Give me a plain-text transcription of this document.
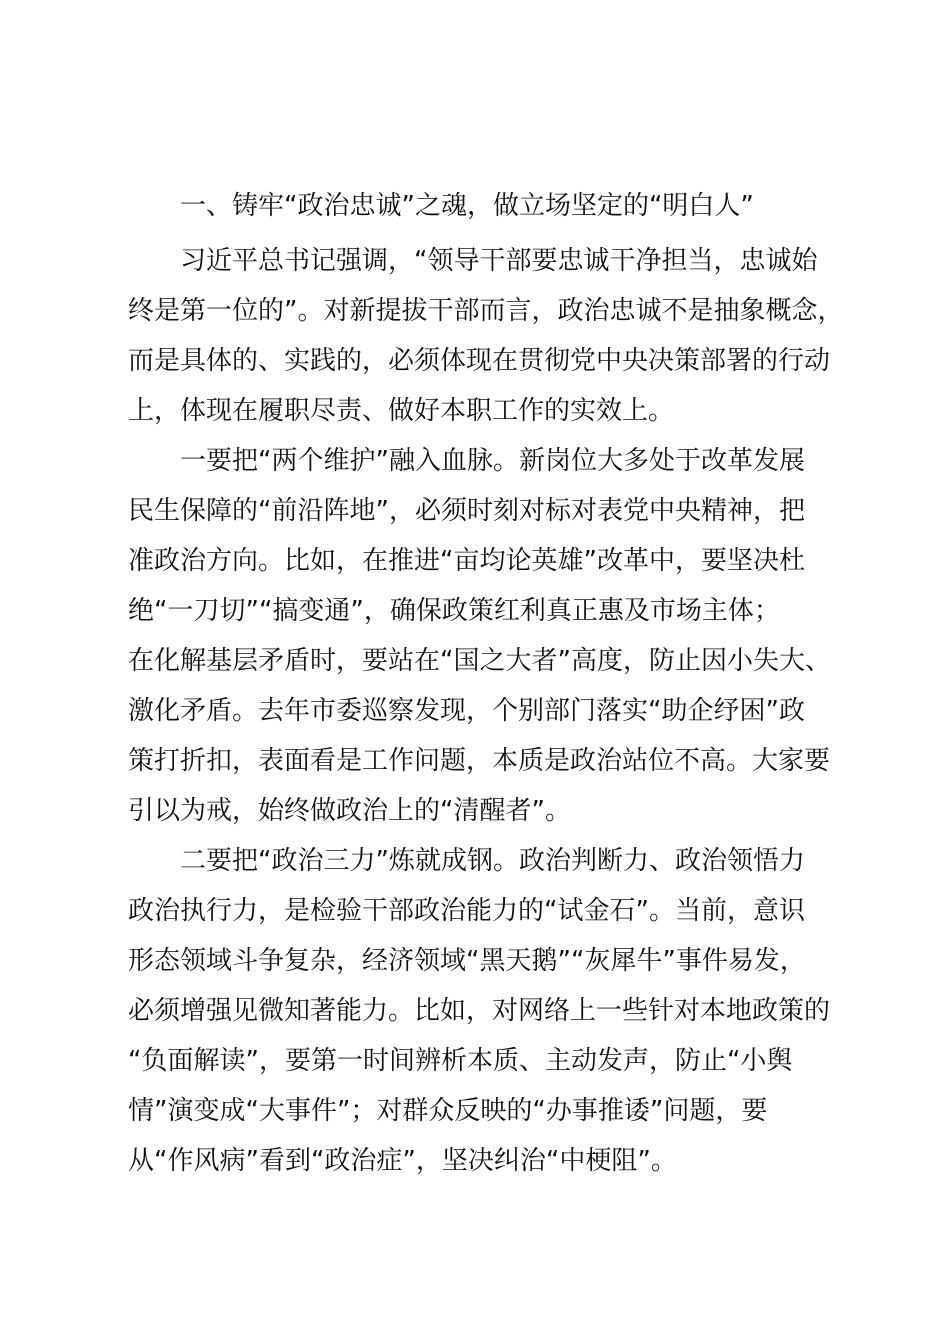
一、铸牢“政治忠诚”之魂，做立场坚定的“明白人”
习近平总书记强调，“领导干部要忠诚干净担当，忠诚始
终是第一位的”。对新提拔干部而言，政治忠诚不是抽象概念，
而是具体的、实践的，必须体现在贯彻党中央决策部署的行动
上，体现在履职尽责、做好本职工作的实效上。
一要把“两个维护”融入血脉。新岗位大多处于改革发展
民生保障的“前沿阵地”，必须时刻对标对表党中央精神，把
准政治方向。比如，在推进“亩均论英雄”改革中，要坚决杜
绝“一刀切”“搞变通”，确保政策红利真正惠及市场主体；
在化解基层矛盾时，要站在“国之大者”高度，防止因小失大、
激化矛盾。去年市委巡察发现，个别部门落实“助企纾困”政
策打折扣，表面看是工作问题，本质是政治站位不高。大家要
引以为戒，始终做政治上的“清醒者”。
二要把“政治三力”炼就成钢。政治判断力、政治领悟力
政治执行力，是检验干部政治能力的“试金石”。当前，意识
形态领域斗争复杂，经济领域“黑天鹅”“灰犀牛”事件易发，
必须增强见微知著能力。比如，对网络上一些针对本地政策的
“负面解读”，要第一时间辨析本质、主动发声，防止“小舆
情”演变成“大事件”；对群众反映的“办事推诿”问题，要
从“作风病”看到“政治症”，坚决纠治“中梗阻”。
